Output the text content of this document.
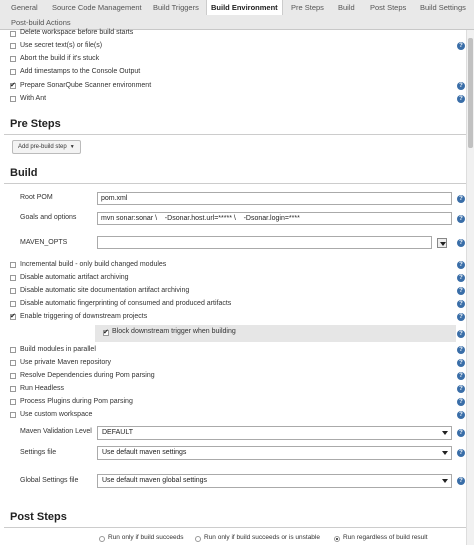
General Source Code Management Build Triggers	Build Environment	Pre Steps Build Post Steps Build Settings
Post-build Actions
Delete workspace before build starts
Use secret text(s) or file(s)	?
Abort the build if it's stuck
Add timestamps to the Console Output
✔
Prepare SonarQube Scanner environment	?
With Ant	?
Pre Steps
Add pre-build step ▼
Build
Root POM	pom.xml	?
Goals and options	mvn sonar:sonar \    -Dsonar.host.url=***** \    -Dsonar.login=****	?
MAVEN_OPTS	?
Incremental build - only build changed modules	?
Disable automatic artifact archiving	?
Disable automatic site documentation artifact archiving	?
Disable automatic fingerprinting of consumed and produced artifacts	?
✔
Enable triggering of downstream projects	?
✔
Block downstream trigger when building	?
Build modules in parallel	?
Use private Maven repository	?
Resolve Dependencies during Pom parsing	?
Run Headless	?
Process Plugins during Pom parsing	?
Use custom workspace	?
Maven Validation Level	DEFAULT	?
Settings file	Use default maven settings	?
Global Settings file	Use default maven global settings	?
Post Steps
Run only if build succeeds	Run only if build succeeds or is unstable	Run regardless of build result
